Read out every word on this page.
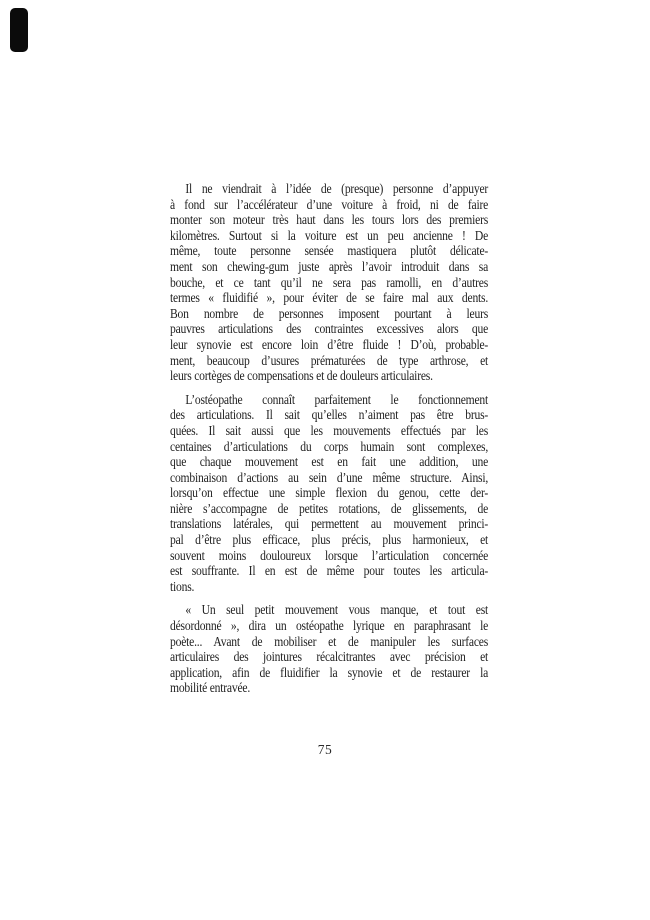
Il ne viendrait à l’idée de (presque) personne d’appuyer
à fond sur l’accélérateur d’une voiture à froid, ni de faire
monter son moteur très haut dans les tours lors des premiers
kilomètres. Surtout si la voiture est un peu ancienne ! De
même, toute personne sensée mastiquera plutôt délicate-
ment son chewing-gum juste après l’avoir introduit dans sa
bouche, et ce tant qu’il ne sera pas ramolli, en d’autres
termes « fluidifié », pour éviter de se faire mal aux dents.
Bon nombre de personnes imposent pourtant à leurs
pauvres articulations des contraintes excessives alors que
leur synovie est encore loin d’être fluide ! D’où, probable-
ment, beaucoup d’usures prématurées de type arthrose, et
leurs cortèges de compensations et de douleurs articulaires.
L’ostéopathe connaît parfaitement le fonctionnement
des articulations. Il sait qu’elles n’aiment pas être brus-
quées. Il sait aussi que les mouvements effectués par les
centaines d’articulations du corps humain sont complexes,
que chaque mouvement est en fait une addition, une
combinaison d’actions au sein d’une même structure. Ainsi,
lorsqu’on effectue une simple flexion du genou, cette der-
nière s’accompagne de petites rotations, de glissements, de
translations latérales, qui permettent au mouvement princi-
pal d’être plus efficace, plus précis, plus harmonieux, et
souvent moins douloureux lorsque l’articulation concernée
est souffrante. Il en est de même pour toutes les articula-
tions.
« Un seul petit mouvement vous manque, et tout est
désordonné », dira un ostéopathe lyrique en paraphrasant le
poète... Avant de mobiliser et de manipuler les surfaces
articulaires des jointures récalcitrantes avec précision et
application, afin de fluidifier la synovie et de restaurer la
mobilité entravée.
75
